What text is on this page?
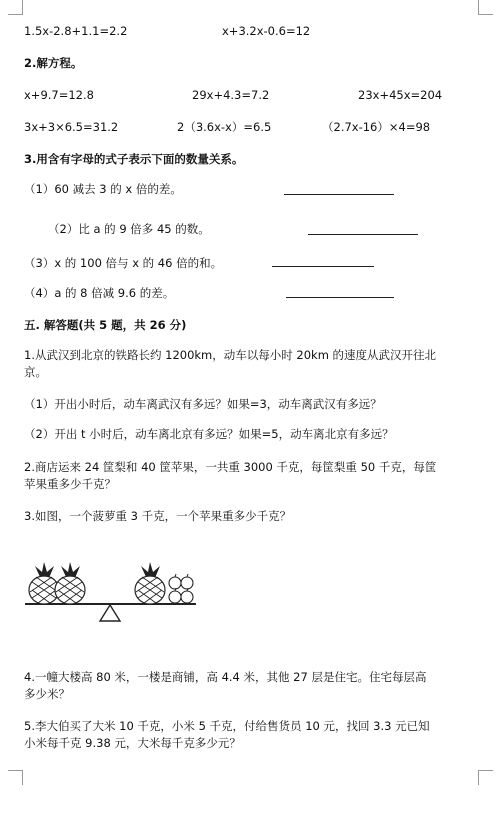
1.5x-2.8+1.1=2.2	x+3.2x-0.6=12
2.解方程。
x+9.7=12.8	29x+4.3=7.2	23x+45x=204
3x+3×6.5=31.2	2（3.6x-x）=6.5	（2.7x-16）×4=98
3.用含有字母的式子表示下面的数量关系。
（1）60 减去 3 的 x 倍的差。
（2）比 a 的 9 倍多 45 的数。
（3）x 的 100 倍与 x 的 46 倍的和。
（4）a 的 8 倍减 9.6 的差。
五. 解答题(共 5 题，共 26 分)
1.从武汉到北京的铁路长约 1200km，动车以每小时 20km 的速度从武汉开往北
京。
（1）开出小时后，动车离武汉有多远？如果=3，动车离武汉有多远？
（2）开出 t 小时后，动车离北京有多远？如果=5，动车离北京有多远？
2.商店运来 24 筐梨和 40 筐苹果，一共重 3000 千克，每筐梨重 50 千克，每筐
苹果重多少千克？
3.如图，一个菠萝重 3 千克，一个苹果重多少千克？
4.一幢大楼高 80 米，一楼是商铺，高 4.4 米，其他 27 层是住宅。住宅每层高
多少米？
5.李大伯买了大米 10 千克，小米 5 千克，付给售货员 10 元，找回 3.3 元已知
小米每千克 9.38 元，大米每千克多少元？
